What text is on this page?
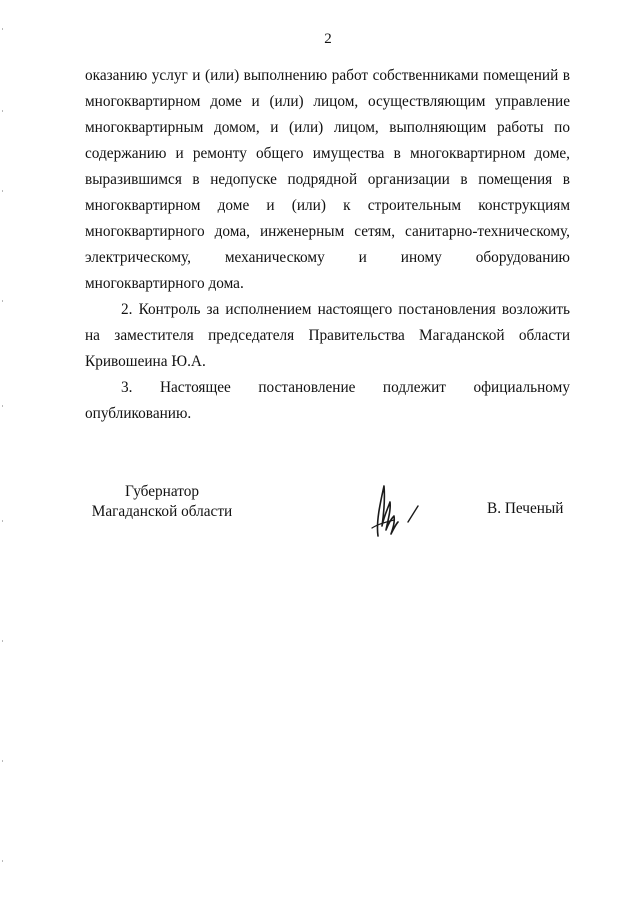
2

оказанию услуг и (или) выполнению работ собственниками помещений в многоквартирном доме и (или) лицом, осуществляющим управление многоквартирным домом, и (или) лицом, выполняющим работы по содержанию и ремонту общего имущества в многоквартирном доме, выразившимся в недопуске подрядной организации в помещения в многоквартирном доме и (или) к строительным конструкциям многоквартирного дома, инженерным сетям, санитарно-техническому, электрическому, механическому и иному оборудованию многоквартирного дома.

2. Контроль за исполнением настоящего постановления возложить на заместителя председателя Правительства Магаданской области Кривошеина Ю.А.

3. Настоящее постановление подлежит официальному опубликованию.

Губернатор
Магаданской области	В. Печеный
